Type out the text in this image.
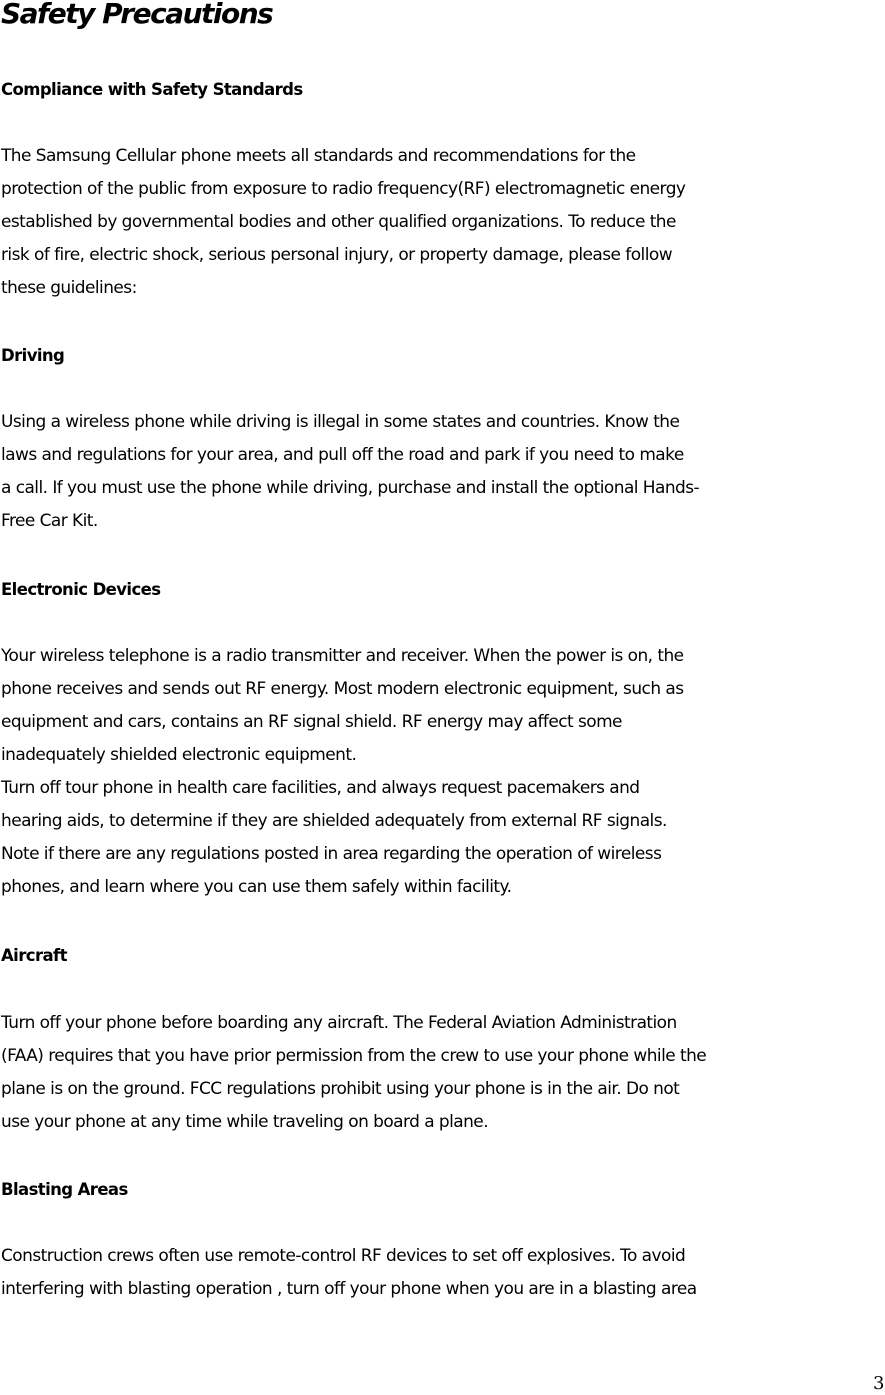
Safety Precautions
Compliance with Safety Standards
The Samsung Cellular phone meets all standards and recommendations for the
protection of the public from exposure to radio frequency(RF) electromagnetic energy
established by governmental bodies and other qualified organizations. To reduce the
risk of fire, electric shock, serious personal injury, or property damage, please follow
these guidelines:
Driving
Using a wireless phone while driving is illegal in some states and countries. Know the
laws and regulations for your area, and pull off the road and park if you need to make
a call. If you must use the phone while driving, purchase and install the optional Hands-
Free Car Kit.
Electronic Devices
Your wireless telephone is a radio transmitter and receiver. When the power is on, the
phone receives and sends out RF energy. Most modern electronic equipment, such as
equipment and cars, contains an RF signal shield. RF energy may affect some
inadequately shielded electronic equipment.
Turn off tour phone in health care facilities, and always request pacemakers and
hearing aids, to determine if they are shielded adequately from external RF signals.
Note if there are any regulations posted in area regarding the operation of wireless
phones, and learn where you can use them safely within facility.
Aircraft
Turn off your phone before boarding any aircraft. The Federal Aviation Administration
(FAA) requires that you have prior permission from the crew to use your phone while the
plane is on the ground. FCC regulations prohibit using your phone is in the air. Do not
use your phone at any time while traveling on board a plane.
Blasting Areas
Construction crews often use remote-control RF devices to set off explosives. To avoid
interfering with blasting operation , turn off your phone when you are in a blasting area
3
